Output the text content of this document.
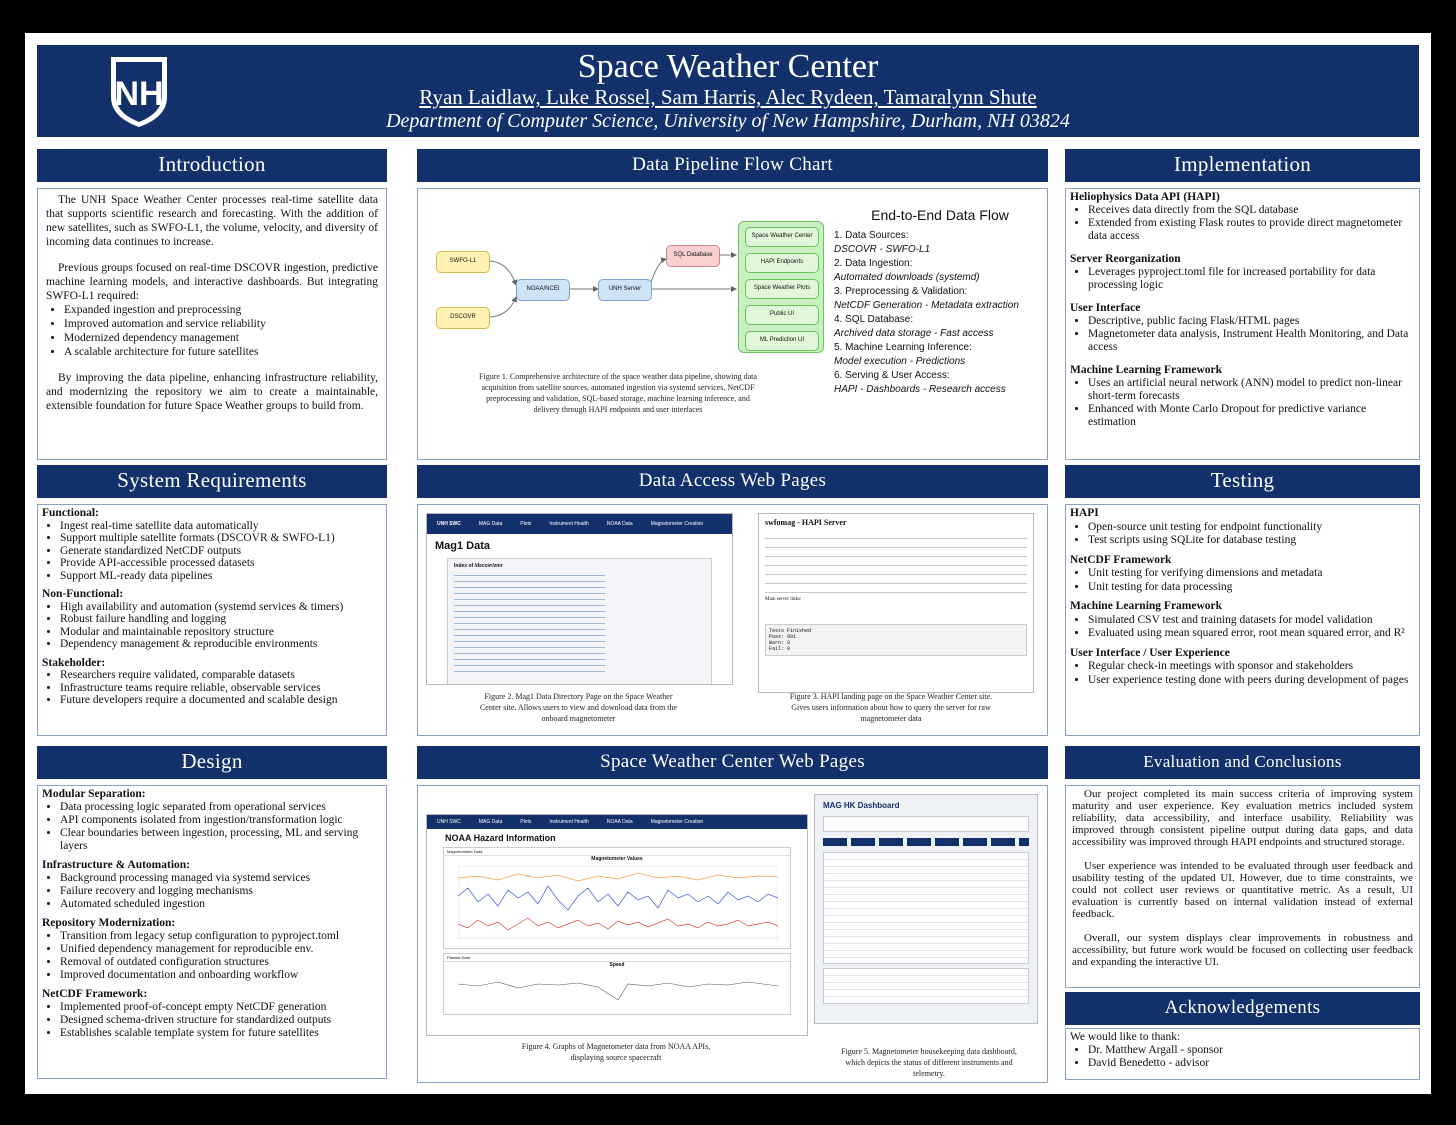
NH
Space Weather Center
Ryan Laidlaw, Luke Rossel, Sam Harris, Alec Rydeen, Tamaralynn Shute
Department of Computer Science, University of New Hampshire, Durham, NH 03824
Introduction

The UNH Space Weather Center processes real-time satellite data that supports scientific research and forecasting. With the addition of new satellites, such as SWFO-L1, the volume, velocity, and diversity of incoming data continues to increase.

Previous groups focused on real-time DSCOVR ingestion, predictive machine learning models, and interactive dashboards. But integrating SWFO-L1 required:

• Expanded ingestion and preprocessing
• Improved automation and service reliability
• Modernized dependency management
• A scalable architecture for future satellites

By improving the data pipeline, enhancing infrastructure reliability, and modernizing the repository we aim to create a maintainable, extensible foundation for future Space Weather groups to build from.

System Requirements
Functional:
• Ingest real-time satellite data automatically
• Support multiple satellite formats (DSCOVR & SWFO-L1)
• Generate standardized NetCDF outputs
• Provide API-accessible processed datasets
• Support ML-ready data pipelines
Non-Functional:
• High availability and automation (systemd services & timers)
• Robust failure handling and logging
• Modular and maintainable repository structure
• Dependency management & reproducible environments
Stakeholder:
• Researchers require validated, comparable datasets
• Infrastructure teams require reliable, observable services
• Future developers require a documented and scalable design
Design
Modular Separation:
• Data processing logic separated from operational services
• API components isolated from ingestion/transformation logic
• Clear boundaries between ingestion, processing, ML and serving layers
Infrastructure & Automation:
• Background processing managed via systemd services
• Failure recovery and logging mechanisms
• Automated scheduled ingestion
Repository Modernization:
• Transition from legacy setup configuration to pyproject.toml
• Unified dependency management for reproducible env.
• Removal of outdated configuration structures
• Improved documentation and onboarding workflow
NetCDF Framework:
• Implemented proof-of-concept empty NetCDF generation
• Designed schema-driven structure for standardized outputs
• Establishes scalable template system for future satellites
Data Pipeline Flow Chart
SWFO-L1
DSCOVR
NOAA/NCEI	UNH Server
SQL Database
Space Weather Center
HAPI Endpoints
Space Weather Plots
Public UI
ML Prediction UI
End-to-End Data Flow
1. Data Sources:
DSCOVR - SWFO-L1
2. Data Ingestion:
Automated downloads (systemd)
3. Preprocessing & Validation:
NetCDF Generation - Metadata extraction
4. SQL Database:
Archived data storage - Fast access
5. Machine Learning Inference:
Model execution - Predictions
6. Serving & User Access:
HAPI - Dashboards - Research access
Figure 1. Comprehensive architecture of the space weather data pipeline, showing data acquisition from satellite sources, automated ingestion via systemd services, NetCDF preprocessing and validation, SQL-based storage, machine learning inference, and delivery through HAPI endpoints and user interfaces
Data Access Web Pages
UNH SWC	MAG Data	Plots	Instrument Health	NOAA Data	Magnetometer Creation
Mag1 Data
Index of /dscovr/zmr
swfomag - HAPI Server
Main server links:
Tests Finished
Pass: 001
Warn: 3
Fail: 0
Figure 2. Mag1 Data Directory Page on the Space Weather Center site. Allows users to view and download data from the onboard magnetometer
Figure 3. HAPI landing page on the Space Weather Center site. Gives users information about how to query the server for raw magnetometer data
Space Weather Center Web Pages
UNH SWC	MAG Data	Plots	Instrument Health	NOAA Data	Magnetometer Creation
NOAA Hazard Information
Magnetometer Data
Magnetometer Values
Plasma Data
Speed
MAG HK Dashboard
Figure 4. Graphs of Magnetometer data from NOAA APIs, displaying source spacecraft
Figure 5. Magnetometer housekeeping data dashboard, which depicts the status of different instruments and telemetry.
Implementation
Heliophysics Data API (HAPI)
• Receives data directly from the SQL database
• Extended from existing Flask routes to provide direct magnetometer data access
Server Reorganization
• Leverages pyproject.toml file for increased portability for data processing logic
User Interface
• Descriptive, public facing Flask/HTML pages
• Magnetometer data analysis, Instrument Health Monitoring, and Data access
Machine Learning Framework
• Uses an artificial neural network (ANN) model to predict non-linear short-term forecasts
• Enhanced with Monte Carlo Dropout for predictive variance estimation
Testing
HAPI
• Open-source unit testing for endpoint functionality
• Test scripts using SQLite for database testing
NetCDF Framework
• Unit testing for verifying dimensions and metadata
• Unit testing for data processing
Machine Learning Framework
• Simulated CSV test and training datasets for model validation
• Evaluated using mean squared error, root mean squared error, and R²
User Interface / User Experience
• Regular check-in meetings with sponsor and stakeholders
• User experience testing done with peers during development of pages
Evaluation and Conclusions

Our project completed its main success criteria of improving system maturity and user experience. Key evaluation metrics included system reliability, data accessibility, and interface usability. Reliability was improved through consistent pipeline output during data gaps, and data accessibility was improved through HAPI endpoints and structured storage.

User experience was intended to be evaluated through user feedback and usability testing of the updated UI. However, due to time constraints, we could not collect user reviews or quantitative metric. As a result, UI evaluation is currently based on internal validation instead of external feedback.

Overall, our system displays clear improvements in robustness and accessibility, but future work would be focused on collecting user feedback and expanding the interactive UI.

Acknowledgements
We would like to thank:
• Dr. Matthew Argall - sponsor
• David Benedetto - advisor
